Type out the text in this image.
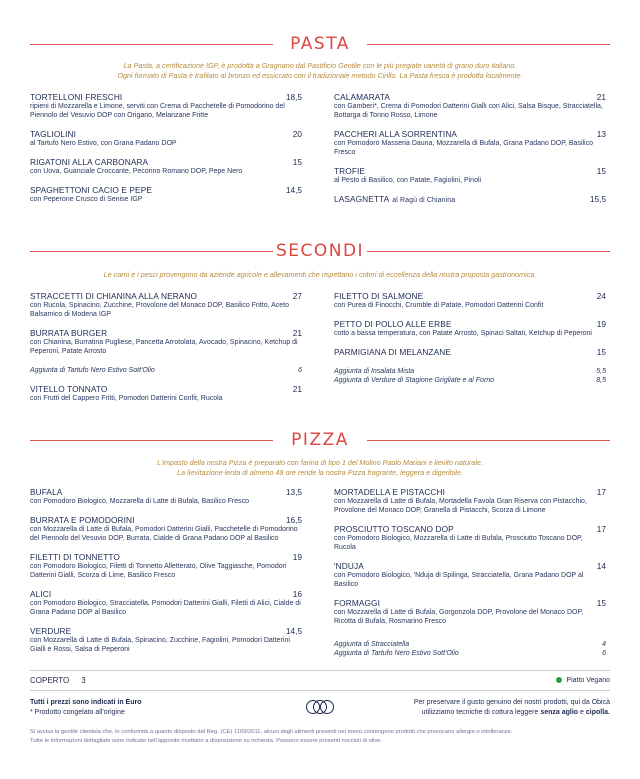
PASTA
La Pasta, a certificazione IGP, è prodotta a Gragnano dal Pastificio Gentile con le più pregiate varietà di grano duro italiano.
Ogni formato di Pasta è trafilato al bronzo ed essiccato con il tradizionale metodo Cirillo. La Pasta fresca è prodotta localmente.
TORTELLONI FRESCHI	18,5
ripieni di Mozzarella e Limone, serviti con Crema di Pacchetelle di Pomodorino del Piennolo del Vesuvio DOP con Origano, Melanzane Fritte
TAGLIOLINI	20
al Tartufo Nero Estivo, con Grana Padano DOP
RIGATONI ALLA CARBONARA	15
con Uova, Guanciale Croccante, Pecorino Romano DOP, Pepe Nero
SPAGHETTONI CACIO E PEPE	14,5
con Peperone Crusco di Senise IGP
CALAMARATA	21
con Gamberi*, Crema di Pomodori Datterini Gialli con Alici, Salsa Bisque, Stracciatella, Bottarga di Tonno Rosso, Limone
PACCHERI ALLA SORRENTINA	13
con Pomodoro Masseria Dauna, Mozzarella di Bufala, Grana Padano DOP, Basilico Fresco
TROFIE	15
al Pesto di Basilico, con Patate, Fagiolini, Pinoli
LASAGNETTA al Ragù di Chianina	15,5
SECONDI
Le carni e i pesci provengono da aziende agricole e allevamenti che rispettano i criteri di eccellenza della nostra proposta gastronomica.
STRACCETTI DI CHIANINA ALLA NERANO	27
con Rucola, Spinacino, Zucchine, Provolone del Monaco DOP, Basilico Fritto, Aceto Balsamico di Modena IGP
BURRATA BURGER	21
con Chianina, Burratina Pugliese, Pancetta Arrotolata, Avocado, Spinacino, Ketchup di Peperoni, Patate Arrosto
Aggiunta di Tartufo Nero Estivo Sott'Olio	6
VITELLO TONNATO	21
con Frutti del Cappero Fritti, Pomodori Datterini Confit, Rucola
FILETTO DI SALMONE	24
con Purea di Finocchi, Crumble di Patate, Pomodori Datterini Confit
PETTO DI POLLO ALLE ERBE	19
cotto a bassa temperatura, con Patate Arrosto, Spinaci Saltati, Ketchup di Peperoni
PARMIGIANA DI MELANZANE	15
Aggiunta di Insalata Mista	5,5
Aggiunta di Verdure di Stagione Grigliate e al Forno	8,5
PIZZA
L'impasto della nostra Pizza è preparato con farina di tipo 1 del Molino Paolo Mariani e lievito naturale.
La lievitazione lenta di almeno 48 ore rende la nostra Pizza fragrante, leggera e digeribile.
BUFALA	13,5
con Pomodoro Biologico, Mozzarella di Latte di Bufala, Basilico Fresco
BURRATA E POMODORINI	16,5
con Mozzarella di Latte di Bufala, Pomodori Datterini Gialli, Pacchetelle di Pomodorino del Piennolo del Vesuvio DOP, Burrata, Cialde di Grana Padano DOP al Basilico
FILETTI DI TONNETTO	19
con Pomodoro Biologico, Filetti di Tonnetto Alletterato, Olive Taggiasche, Pomodori Datterini Gialli, Scorza di Lime, Basilico Fresco
ALICI	16
con Pomodoro Biologico, Stracciatella, Pomodori Datterini Gialli, Filetti di Alici, Cialde di Grana Padano DOP al Basilico
VERDURE	14,5
con Mozzarella di Latte di Bufala, Spinacino, Zucchine, Fagiolini, Pomodori Datterini Gialli e Rossi, Salsa di Peperoni
MORTADELLA E PISTACCHI	17
con Mozzarella di Latte di Bufala, Mortadella Favola Gran Riserva con Pistacchio, Provolone del Monaco DOP, Granella di Pistacchi, Scorza di Limone
PROSCIUTTO TOSCANO DOP	17
con Pomodoro Biologico, Mozzarella di Latte di Bufala, Prosciutto Toscano DOP, Rucola
'NDUJA	14
con Pomodoro Biologico, 'Nduja di Spilinga, Stracciatella, Grana Padano DOP al Basilico
FORMAGGI	15
con Mozzarella di Latte di Bufala, Gorgonzola DOP, Provolone del Monaco DOP, Ricotta di Bufala, Rosmarino Fresco
Aggiunta di Stracciatella	4
Aggiunta di Tartufo Nero Estivo Sott'Olio	6
COPERTO 3	Piatto Vegano
Tutti i prezzi sono indicati in Euro
* Prodotto congelato all'origine
Per preservare il gusto genuino dei nostri prodotti, qui da Obicà
utilizziamo tecniche di cottura leggere senza aglio e cipolla.
Si avvisa la gentile clientela che, in conformità a quanto disposto dal Reg. (CE) 1169/2011, alcuni degli alimenti presenti nel menù contengono prodotti che provocano allergie o intolleranze.
Tutte le informazioni dettagliate sono indicate nell'apposito ricettario a disposizione su richiesta. Possono essere presenti noccioli di olive.
